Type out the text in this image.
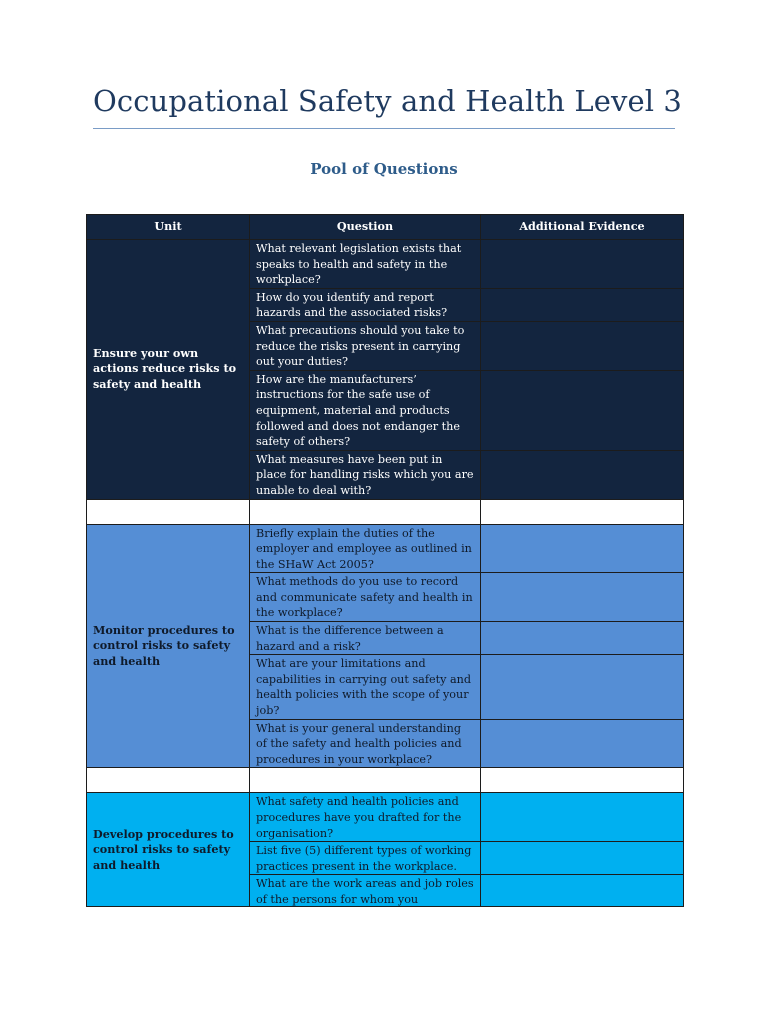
Occupational Safety and Health Level 3
Pool of Questions
Unit	Question	Additional Evidence
Ensure your own actions reduce risks to safety and health	What relevant legislation exists that speaks to health and safety in the workplace?	
	How do you identify and report hazards and the associated risks?	
	What precautions should you take to reduce the risks present in carrying out your duties?	
	How are the manufacturers’ instructions for the safe use of equipment, material and products followed and does not endanger the safety of others?	
	What measures have been put in place for handling risks which you are unable to deal with?	

Monitor procedures to control risks to safety and health	Briefly explain the duties of the employer and employee as outlined in the SHaW Act 2005?	
	What methods do you use to record and communicate safety and health in the workplace?	
	What is the difference between a hazard and a risk?	
	What are your limitations and capabilities in carrying out safety and health policies with the scope of your job?	
	What is your general understanding of the safety and health policies and procedures in your workplace?	

Develop procedures to control risks to safety and health	What safety and health policies and procedures have you drafted for the organisation?	
	List five (5) different types of working practices present in the workplace.	

	What are the work areas and job roles of the persons for whom you	
